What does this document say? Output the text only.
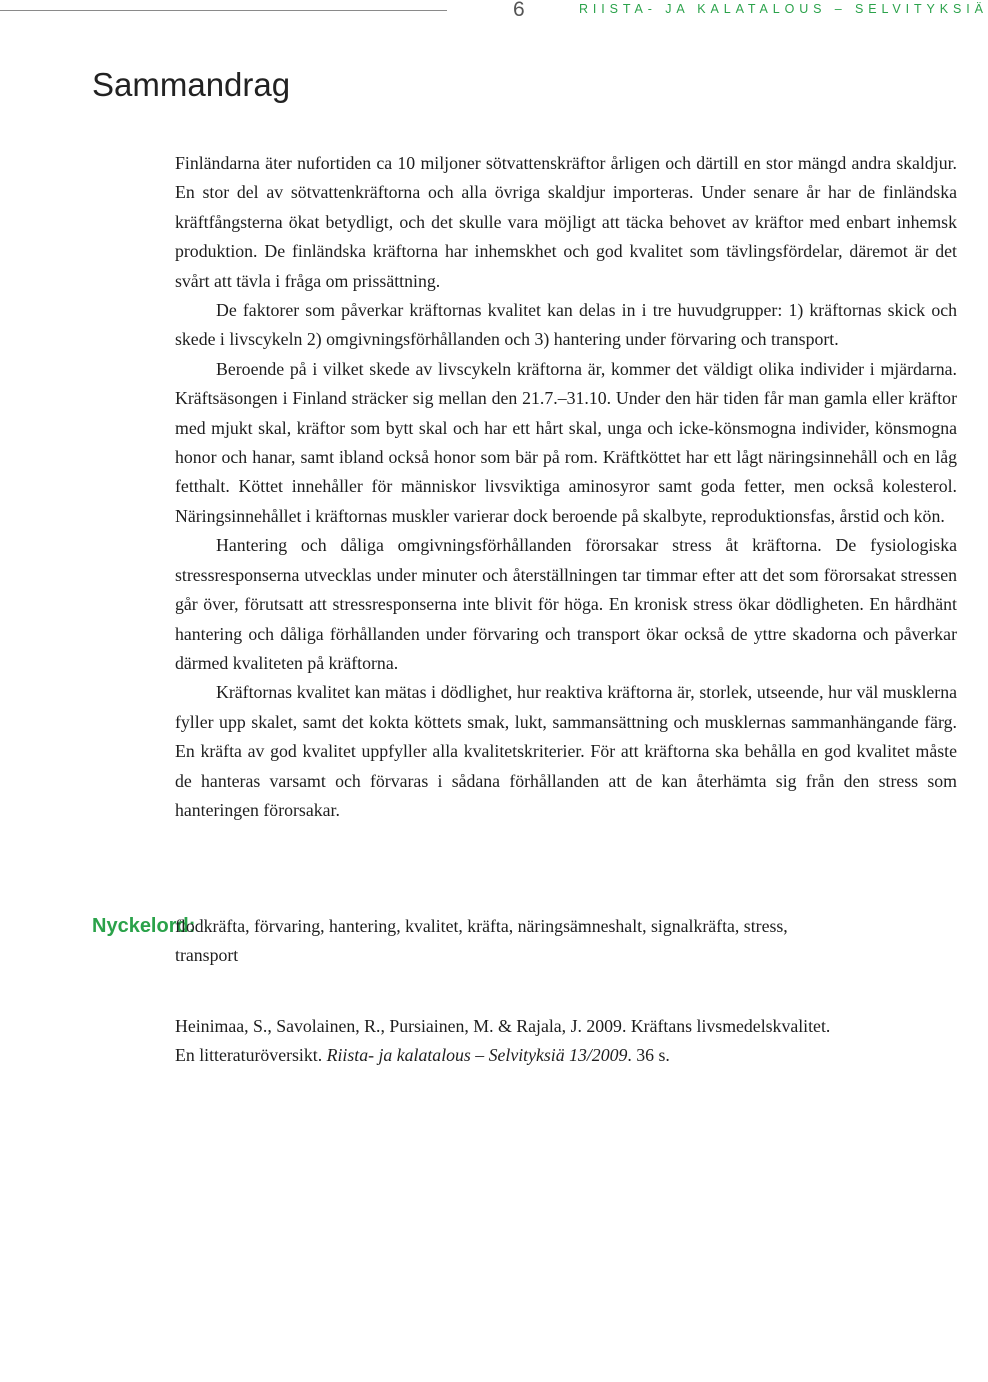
6	RIISTA- JA KALATALOUS – SELVITYKSIÄ
Sammandrag

Finländarna äter nufortiden ca 10 miljoner sötvattenskräftor årligen och därtill en stor mängd andra skaldjur. En stor del av sötvattenkräftorna och alla övriga skaldjur importeras. Under senare år har de finländska kräftfångsterna ökat betydligt, och det skulle vara möjligt att täcka behovet av kräftor med enbart inhemsk produktion. De finländska kräftorna har inhemskhet och god kvalitet som tävlingsfördelar, däremot är det svårt att tävla i fråga om prissättning.

De faktorer som påverkar kräftornas kvalitet kan delas in i tre huvudgrupper: 1) kräftornas skick och skede i livscykeln 2) omgivningsförhållanden och 3) hantering under förvaring och transport.

Beroende på i vilket skede av livscykeln kräftorna är, kommer det väldigt olika individer i mjärdarna. Kräftsäsongen i Finland sträcker sig mellan den 21.7.–31.10. Under den här tiden får man gamla eller kräftor med mjukt skal, kräftor som bytt skal och har ett hårt skal, unga och icke-könsmogna individer, könsmogna honor och hanar, samt ibland också honor som bär på rom. Kräftköttet har ett lågt näringsinnehåll och en låg fetthalt. Köttet innehåller för människor livsviktiga aminosyror samt goda fetter, men också kolesterol. Näringsinnehållet i kräftornas muskler varierar dock beroende på skalbyte, reproduktionsfas, årstid och kön.

Hantering och dåliga omgivningsförhållanden förorsakar stress åt kräftorna. De fysiologiska stressresponserna utvecklas under minuter och återställningen tar timmar efter att det som förorsakat stressen går över, förutsatt att stressresponserna inte blivit för höga. En kronisk stress ökar dödligheten. En hårdhänt hantering och dåliga förhållanden under förvaring och transport ökar också de yttre skadorna och påverkar därmed kvaliteten på kräftorna.

Kräftornas kvalitet kan mätas i dödlighet, hur reaktiva kräftorna är, storlek, utseende, hur väl musklerna fyller upp skalet, samt det kokta köttets smak, lukt, sammansättning och musklernas sammanhängande färg. En kräfta av god kvalitet uppfyller alla kvalitetskriterier. För att kräftorna ska behålla en god kvalitet måste de hanteras varsamt och förvaras i sådana förhållanden att de kan återhämta sig från den stress som hanteringen förorsakar.

Nyckelord:flodkräfta, förvaring, hantering, kvalitet, kräfta, näringsämneshalt, signalkräfta, stress,
transport
Heinimaa, S., Savolainen, R., Pursiainen, M. & Rajala, J. 2009. Kräftans livsmedelskvalitet.
En litteraturöversikt. Riista- ja kalatalous – Selvityksiä 13/2009. 36 s.
